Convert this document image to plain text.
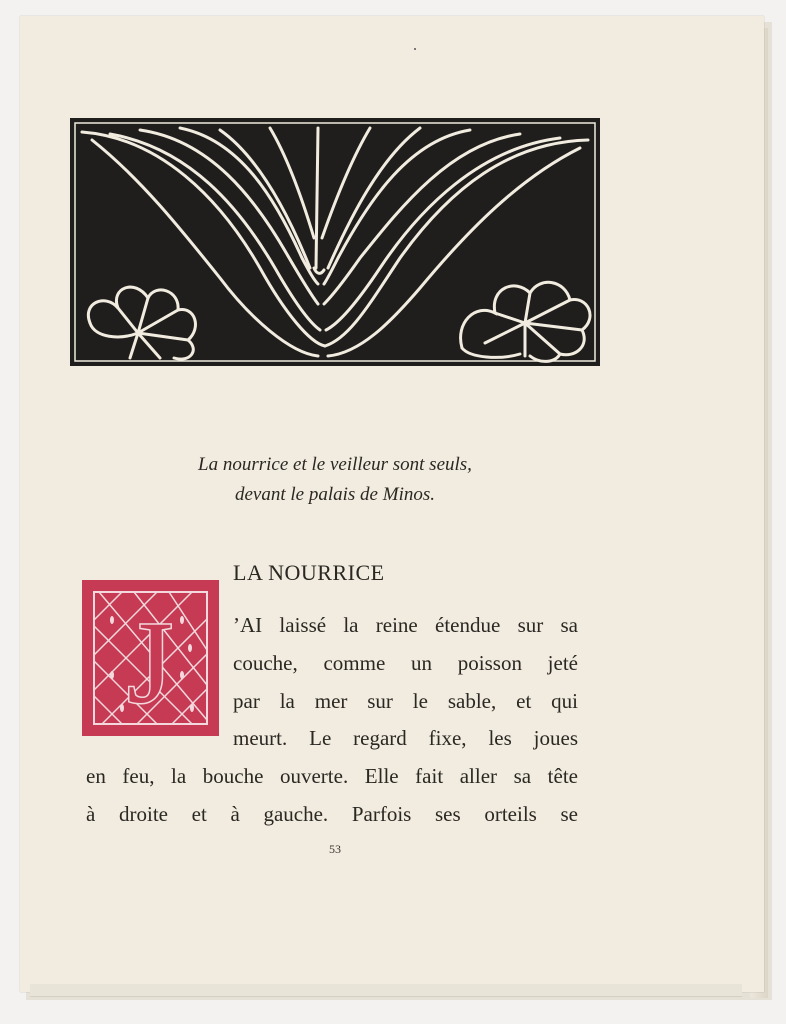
La nourrice et le veilleur sont seuls,
devant le palais de Minos.
LA NOURRICE
J	’AI laissé la reine étendue sur sa
couche, comme un poisson jeté
par la mer sur le sable, et qui
meurt. Le regard fixe, les joues
en feu, la bouche ouverte. Elle fait aller sa tête
à droite et à gauche. Parfois ses orteils se
53
